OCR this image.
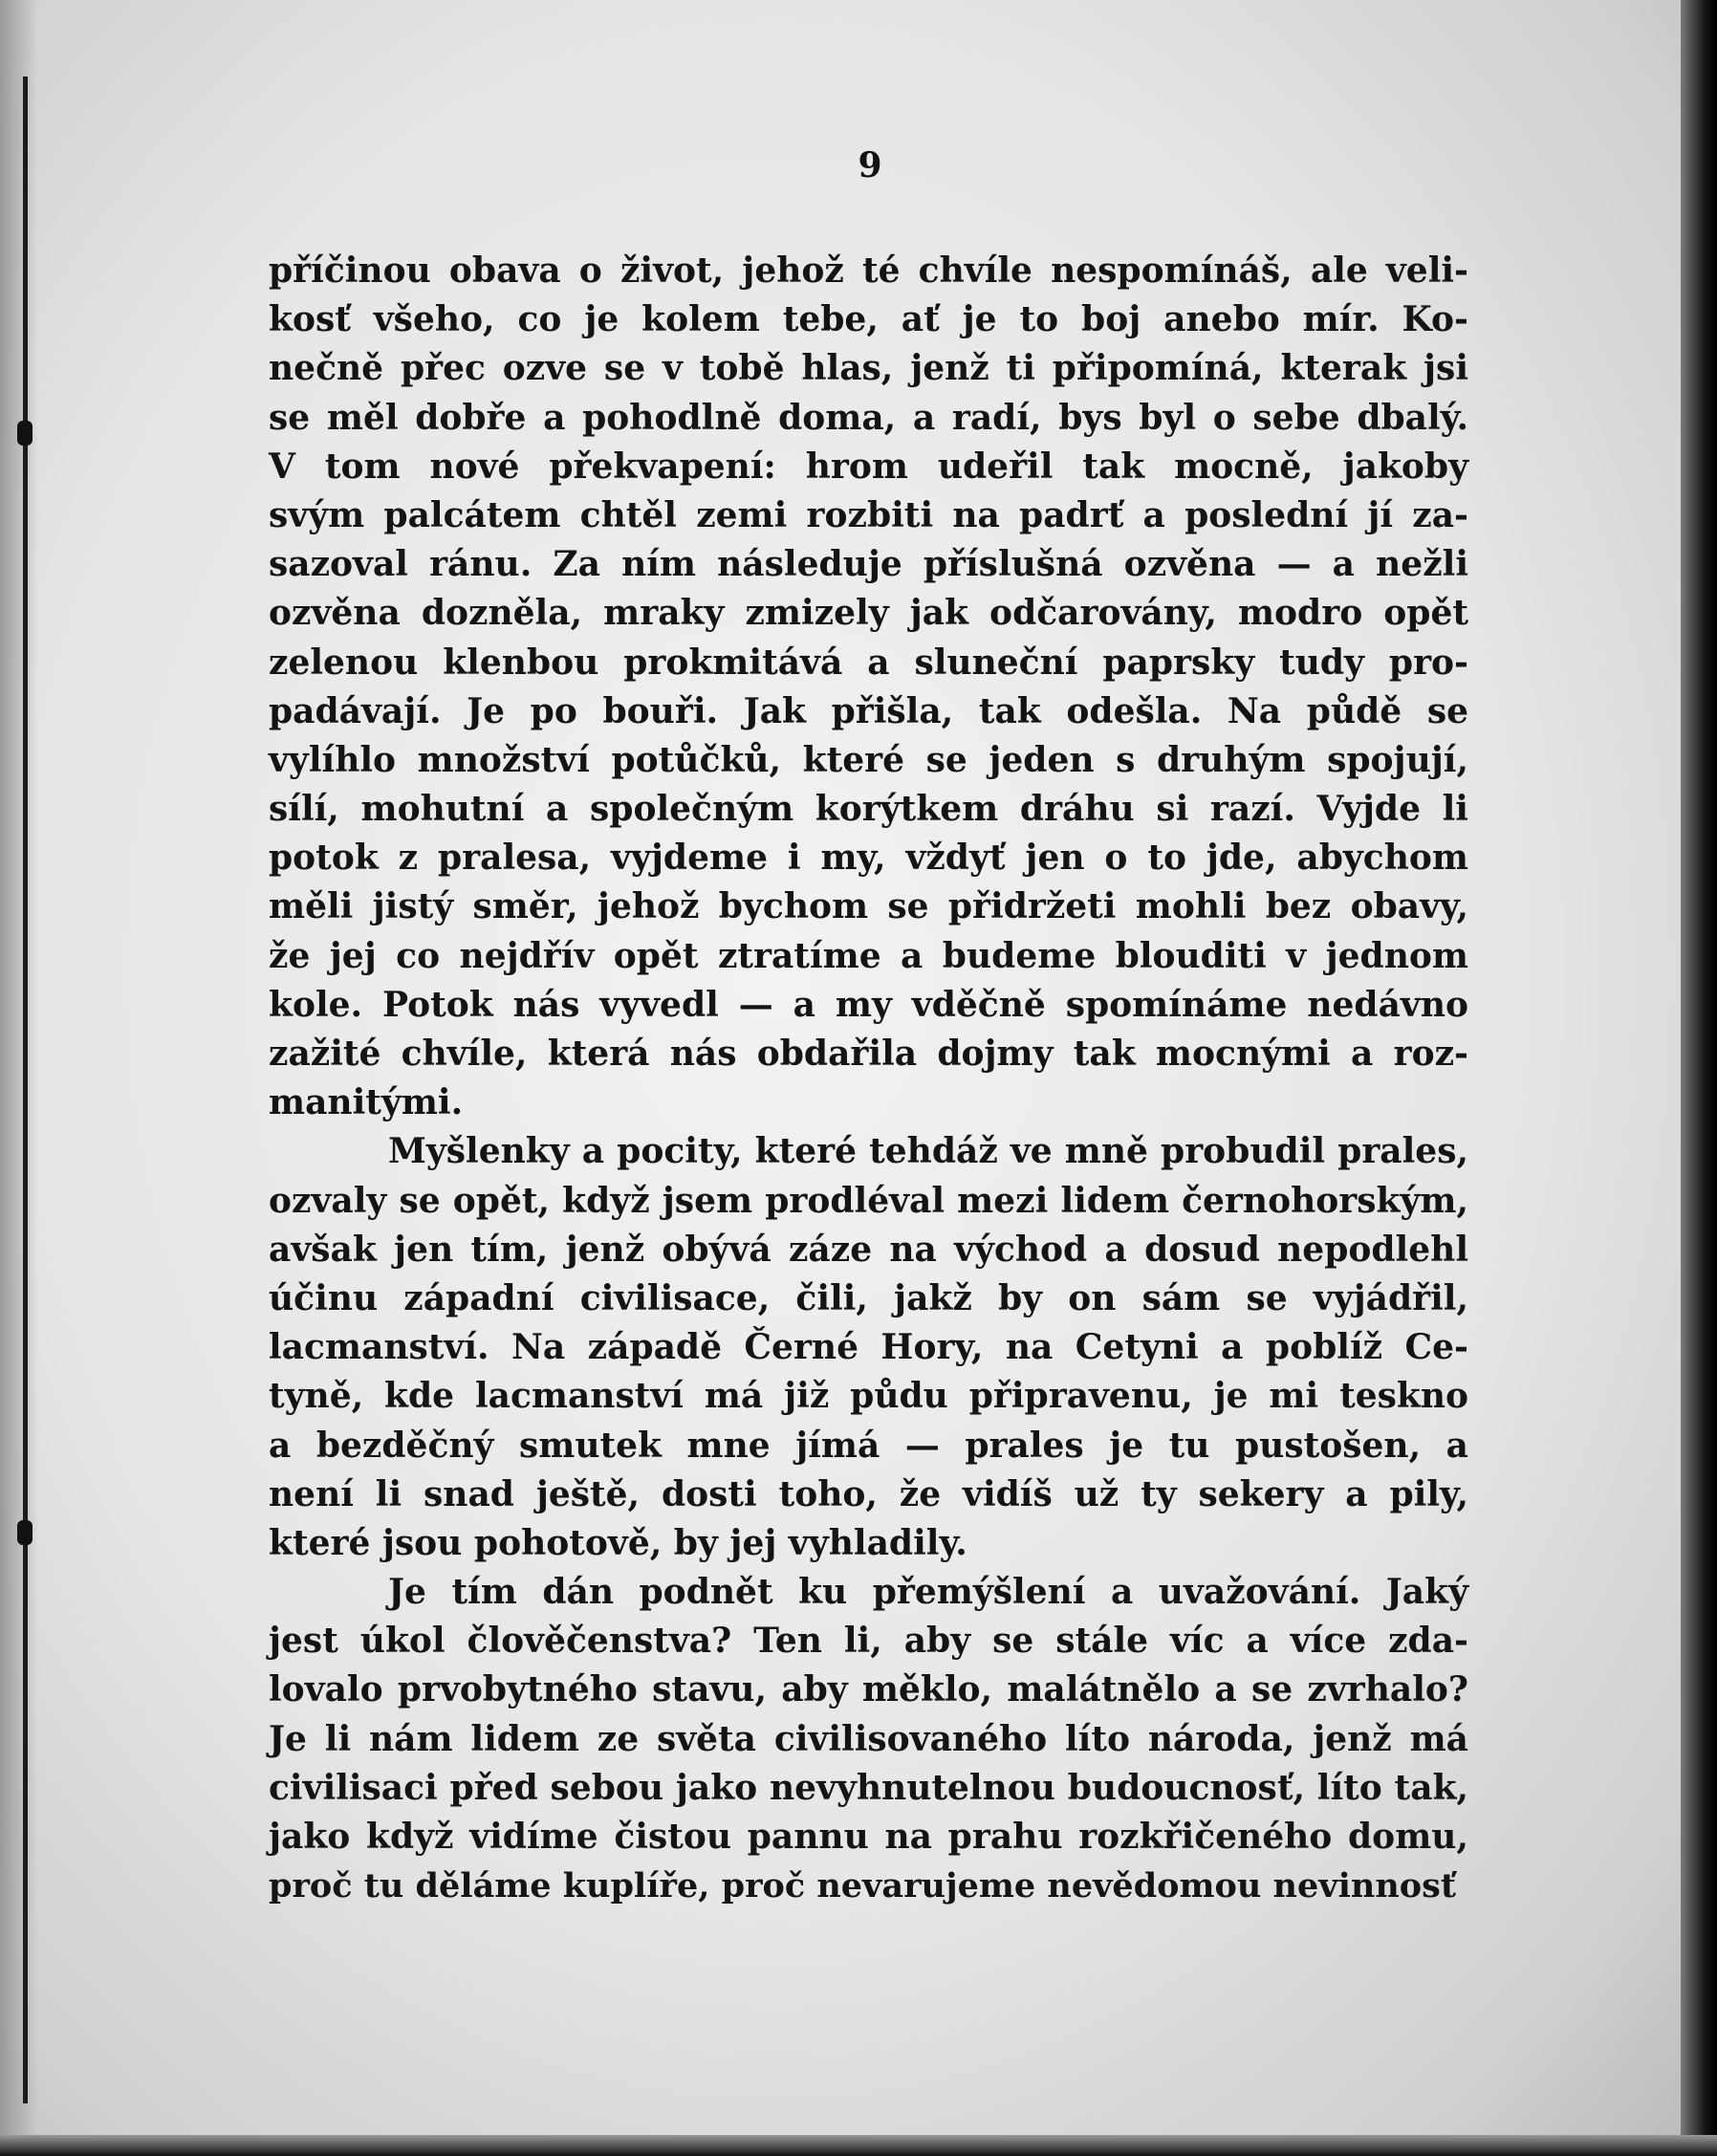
9
příčinou obava o život, jehož té chvíle nespomínáš, ale veli-
kosť všeho, co je kolem tebe, ať je to boj anebo mír. Ko-
nečně přec ozve se v tobě hlas, jenž ti připomíná, kterak jsi
se měl dobře a pohodlně doma, a radí, bys byl o sebe dbalý.
V tom nové překvapení: hrom udeřil tak mocně, jakoby
svým palcátem chtěl zemi rozbiti na padrť a poslední jí za-
sazoval ránu. Za ním následuje příslušná ozvěna — a nežli
ozvěna dozněla, mraky zmizely jak odčarovány, modro opět
zelenou klenbou prokmitává a sluneční paprsky tudy pro-
padávají. Je po bouři. Jak přišla, tak odešla. Na půdě se
vylíhlo množství potůčků, které se jeden s druhým spojují,
sílí, mohutní a společným korýtkem dráhu si razí. Vyjde li
potok z pralesa, vyjdeme i my, vždyť jen o to jde, abychom
měli jistý směr, jehož bychom se přidržeti mohli bez obavy,
že jej co nejdřív opět ztratíme a budeme blouditi v jednom
kole. Potok nás vyvedl — a my vděčně spomínáme nedávno
zažité chvíle, která nás obdařila dojmy tak mocnými a roz-
manitými.
Myšlenky a pocity, které tehdáž ve mně probudil prales,
ozvaly se opět, když jsem prodléval mezi lidem černohorským,
avšak jen tím, jenž obývá záze na východ a dosud nepodlehl
účinu západní civilisace, čili, jakž by on sám se vyjádřil,
lacmanství. Na západě Černé Hory, na Cetyni a poblíž Ce-
tyně, kde lacmanství má již půdu připravenu, je mi teskno
a bezděčný smutek mne jímá — prales je tu pustošen, a
není li snad ještě, dosti toho, že vidíš už ty sekery a pily,
které jsou pohotově, by jej vyhladily.
Je tím dán podnět ku přemýšlení a uvažování. Jaký
jest úkol člověčenstva? Ten li, aby se stále víc a více zda-
lovalo prvobytného stavu, aby měklo, malátnělo a se zvrhalo?
Je li nám lidem ze světa civilisovaného líto národa, jenž má
civilisaci před sebou jako nevyhnutelnou budoucnosť, líto tak,
jako když vidíme čistou pannu na prahu rozkřičeného domu,
proč tu děláme kuplíře, proč nevarujeme nevědomou nevinnosť
